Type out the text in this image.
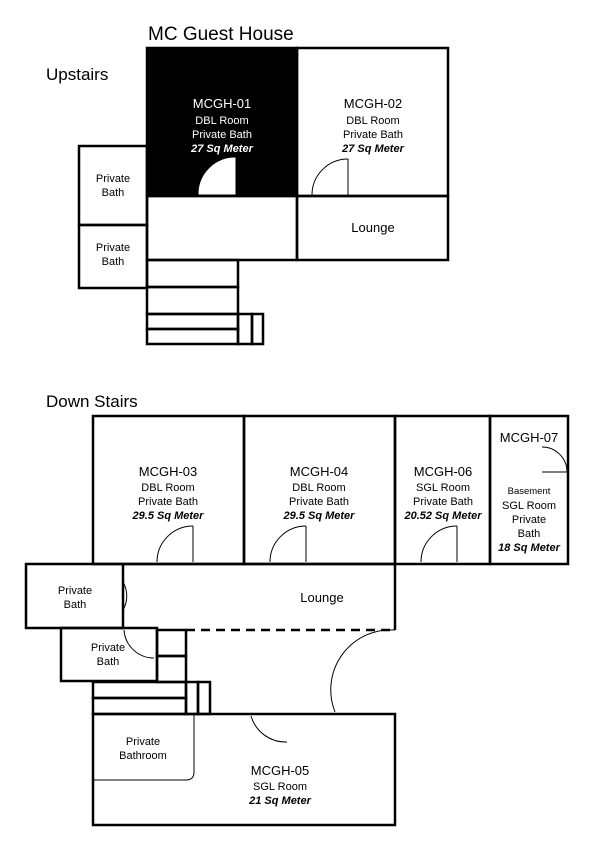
MC Guest House
Upstairs
Down Stairs
MCGH-01
DBL Room
Private Bath
27 Sq Meter
MCGH-02
DBL Room
Private Bath
27 Sq Meter
Lounge
Private
Bath
Private
Bath
MCGH-03
DBL Room
Private Bath
29.5 Sq Meter
MCGH-04
DBL Room
Private Bath
29.5 Sq Meter
MCGH-06
SGL Room
Private Bath
20.52 Sq Meter
MCGH-07
Basement
SGL Room
Private
Bath
18 Sq Meter
Lounge
Private
Bath
Private
Bath
Private
Bathroom
MCGH-05
SGL Room
21 Sq Meter
